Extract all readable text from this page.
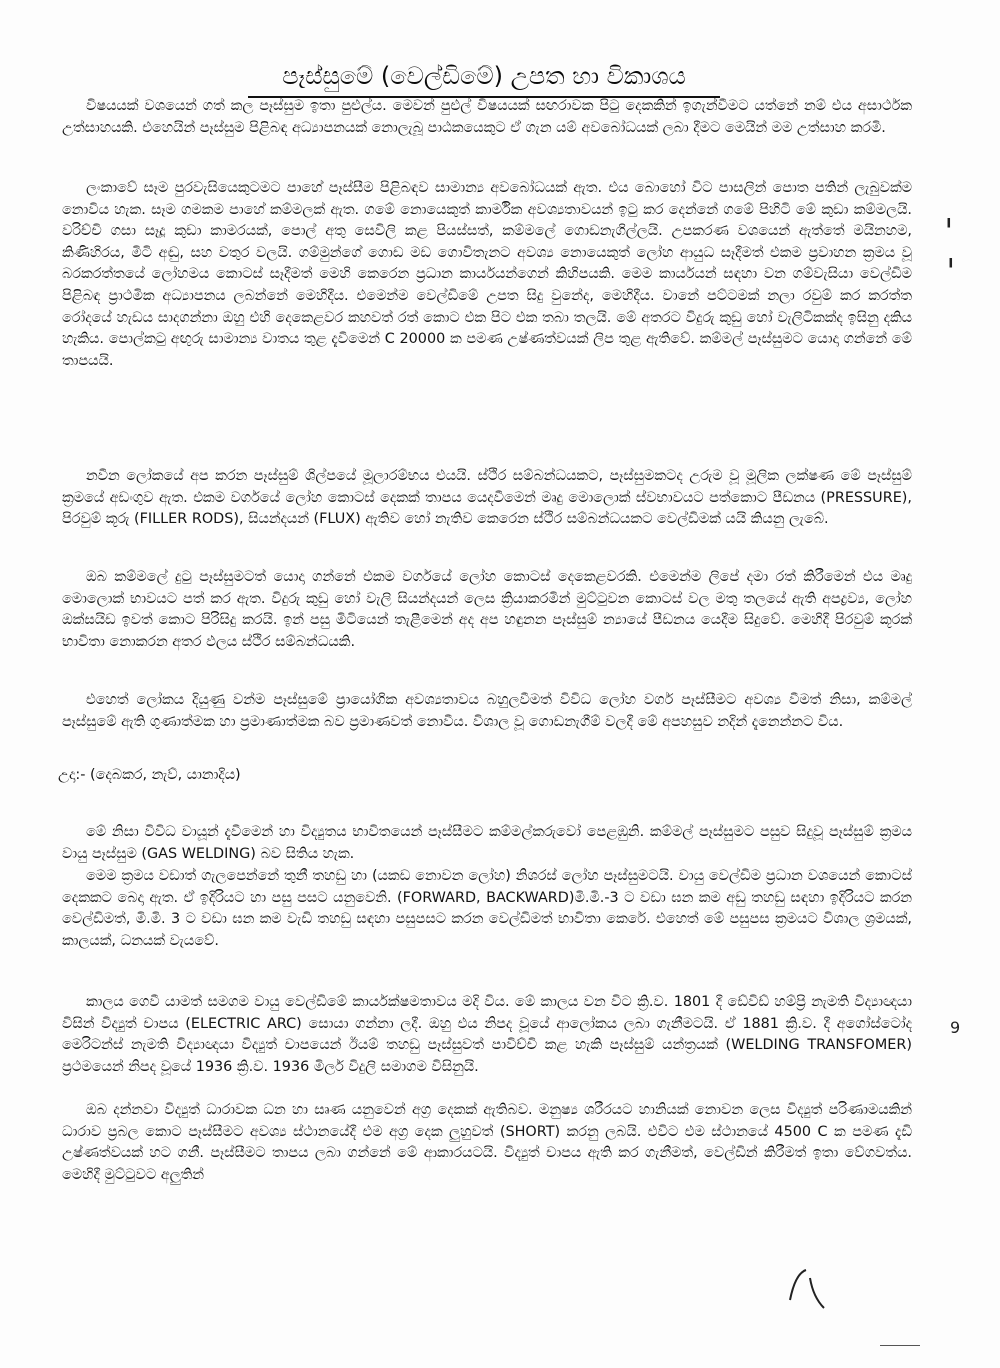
පෑස්සුමේ (වෙල්ඩිමේ) උපත හා විකාශය
විෂයයක් වශයෙන් ගත් කල පෑස්සුම ඉතා පුළුල්ය. මෙවන් පුළුල් විෂයයක් සඟරාවක පිටු දෙකකින් ඉගැන්වීමට යත්නේ නම් එය අසාර්ථක උත්සාහයකි. එහෙයින් පෑස්සුම පිළිබඳ අධ්‍යාපනයක් නොලැබූ පාඨකයෙකුට ඒ ගැන යම් අවබෝධයක් ලබා දීමට මෙයින් මම උත්සාහ කරමි.
ලංකාවේ සෑම පුරවැසියෙකුටමට පාහේ පෑස්සීම පිළිබඳව සාමාන්‍ය අවබෝධයක් ඇත. එය බොහෝ විට පාසලින් පොත පතින් ලැබුවක්ම නොවිය හැක. සෑම ගමකම පාහේ කම්මලක් ඇත. ගමේ නොයෙකුත් කාර්මික අවශ්‍යතාවයන් ඉටු කර දෙන්නේ ගමේ පිහිටි මේ කුඩා කම්මලයි. වරිච්චි ගසා සෑදූ කුඩා කාමරයක්, පොල් අතු සෙවිලි කළ පියස්සත්, කම්මලේ ගොඩනැගිල්ලයි. උපකරණ වශයෙන් ඇත්තේ මයිනහම, කිණිහිරය, මිටි අඬු, සහ වතුර වලයි. ගම්මුන්ගේ ගොඩ මඩ ගොවිතැනට අවශ්‍ය නොයෙකුත් ලෝහ ආයුධ සෑදීමත් එකම ප්‍රවාහන ක්‍රමය වූ බරකරත්තයේ ලෝහමය කොටස් සෑදීමත් මෙහි කෙරෙන ප්‍රධාන කාර්යයන්ගෙන් කිහිපයකි. මෙම කාර්යයන් සඳහා වන ගම්වැසියා වෙල්ඩිම පිළිබඳ ප්‍රාථමික අධ්‍යාපනය ලබන්නේ මෙහිදීය. එමෙන්ම වෙල්ඩිමේ උපත සිදු වුනේද, මෙහිදීය. වානේ පට්ටමක් නලා රවුම් කර කරත්ත රෝදයේ හැඩය සාදගන්නා ඔහු එහි දෙකෙළවර කහවත් රත් කොට එක පිට එක තබා තලයි. මේ අතරට විදුරු කුඩු හෝ වැලිටිකක්ද ඉසිනු දකිය හැකිය. පොල්කටු අඟුරු සාමාන්‍ය වාතය තුළ දැවීමෙන් C 20000 ක පමණ උෂ්ණත්වයක් ලිප තුළ ඇතිවේ. කම්මල් පෑස්සුමට යොදා ගන්නේ මේ තාපයයි.
නවීන ලෝකයේ අප කරන පෑස්සුම් ශිල්පයේ මූලාරම්භය එයයි. ස්ථිර සම්බන්ධයකට, පෑස්සුමකටද උරුම වූ මූලික ලක්ෂණ මේ පෑස්සුම් ක්‍රමයේ අඩංගුව ඇත. එකම වර්ගයේ ලෝහ කොටස් දෙකක් තාපය යෙදවීමෙන් මෘදු මොලොක් ස්වභාවයට පත්කොට පීඩනය (PRESSURE), පිරවුම් කූරු (FILLER RODS), සියන්දයන් (FLUX) ඇතිව හෝ නැතිව කෙරෙන ස්ථිර සම්බන්ධයකට වෙල්ඩිමක් යයි කියනු ලැබේ.
ඔබ කම්මලේ දුටු පෑස්සුමටත් යොදා ගන්නේ එකම වර්ගයේ ලෝහ කොටස් දෙකෙළවරකි. එමෙන්ම ලිපේ දමා රත් කිරීමෙන් එය මෘදු මොලොක් භාවයට පත් කර ඇත. විදුරු කුඩු හෝ වැලි සියන්දයන් ලෙස ක්‍රියාකරමින් මුට්ටුවන කොටස් වල මතු තලයේ ඇති අපද්‍රව්‍ය, ලෝහ ඔක්සයිඩ ඉවත් කොට පිරිසිදු කරයි. ඉන් පසු මිටියෙන් තැළීමෙන් අද අප හඳුනන පෑස්සුම් න්‍යායේ පීඩනය යෙදීම සිදුවේ. මෙහිදී පිරවුම් කූරක් භාවිතා නොකරන අතර ඵලය ස්ථිර සම්බන්ධයකි.
එහෙත් ලෝකය දියුණු වන්ම පෑස්සුමේ ප්‍රායෝගික අවශ්‍යතාවය බහුලවීමත් විවිධ ලෝහ වර්ග පෑස්සීමට අවශ්‍ය වීමත් නිසා, කම්මල් පෑස්සුමේ ඇති ගුණාත්මක හා ප්‍රමාණාත්මක බව ප්‍රමාණවත් නොවීය. විශාල වූ ගොඩනැගීම් වලදී මේ අපහසුව නදින් දැනෙන්නට විය.
උදා:- (දෙබකර, නැව්, යානාදිය)
මේ නිසා විවිධ වායූන් දැවීමෙන් හා විද්‍යුතය භාවිතයෙන් පෑස්සීමට කම්මල්කරුවෝ පෙළඹුනි. කම්මල් පෑස්සුමට පසුව සිදුවූ පෑස්සුම් ක්‍රමය වායු පෑස්සුම (GAS WELDING) බව සිතිය හැක.
මෙම ක්‍රමය වඩාත් ගැලපෙන්නේ තුනී තහඩු හා (යකඩ නොවන ලෝහ) නිශරස් ලෝහ පෑස්සුමටයි. වායු වෙල්ඩිම ප්‍රධාන වශයෙන් කොටස් දෙකකට බෙදා ඇත. ඒ ඉදිරියට හා පසු පසට යනුවෙනි. (FORWARD, BACKWARD)මි.මි.-3 ට වඩා ඝන කම අඩු තහඩු සඳහා ඉදිරියට කරන වෙල්ඩිමත්, මි.මි. 3 ට වඩා ඝන කම වැඩි තහඩු සඳහා පසුපසට කරන වෙල්ඩිමත් භාවිතා කෙරේ. එහෙත් මේ පසුපස ක්‍රමයට විශාල ශ්‍රමයක්, කාලයක්, ධනයක් වැයවේ.
කාලය ගෙවී යාමත් සමගම වායු වෙල්ඩිමේ කාර්යක්ෂමතාවය මදි විය. මේ කාලය වන විට ක්‍රි.ව. 1801 දී ඩේවිඩ් හම්ප්‍රි නැමති විද්‍යාඥයා විසින් විද්‍යුත් චාපය (ELECTRIC ARC) සොයා ගන්නා ලදී. ඔහු එය නිපද වූයේ ආලෝකය ලබා ගැනීමටයි. ඒ 1881 ක්‍රි.ව. දී අගෝස්ටෝද මෙරිටන්ස් නැමති විද්‍යාඥයා විද්‍යුත් චාපයෙන් ඊයම් තහඩු පෑස්සුවත් පාවිච්චි කළ හැකි පෑස්සුම් යන්ත්‍රයක් (WELDING TRANSFOMER) ප්‍රථමයෙන් නිපද වූයේ 1936 ක්‍රි.ව. 1936 මිලර් විදුලි සමාගම විසිනුයි.
ඔබ දන්නවා විද්‍යුත් ධාරාවක ධන හා සෘණ යනුවෙන් අග්‍ර දෙකක් ඇතිබව. මනුෂ්‍ය ශරීරයට හානියක් නොවන ලෙස විද්‍යුත් පරිණාමයකින් ධාරාව ප්‍රබල කොට පෑස්සීමට අවශ්‍ය ස්ථානයේදී එම අග්‍ර දෙක ලුහුවත් (SHORT) කරනු ලබයි. එවිට එම ස්ථානයේ 4500 C ක පමණ දැඩි උෂ්ණත්වයක් හට ගනී. පෑස්සීමට තාපය ලබා ගන්නේ මේ ආකාරයටයි. විද්‍යුත් චාපය ඇති කර ගැනීමත්, වෙල්ඩින් කිරීමත් ඉතා වේගවත්ය. මෙහිදී මුට්ටුවට අලුතින්
╹
╹
9
